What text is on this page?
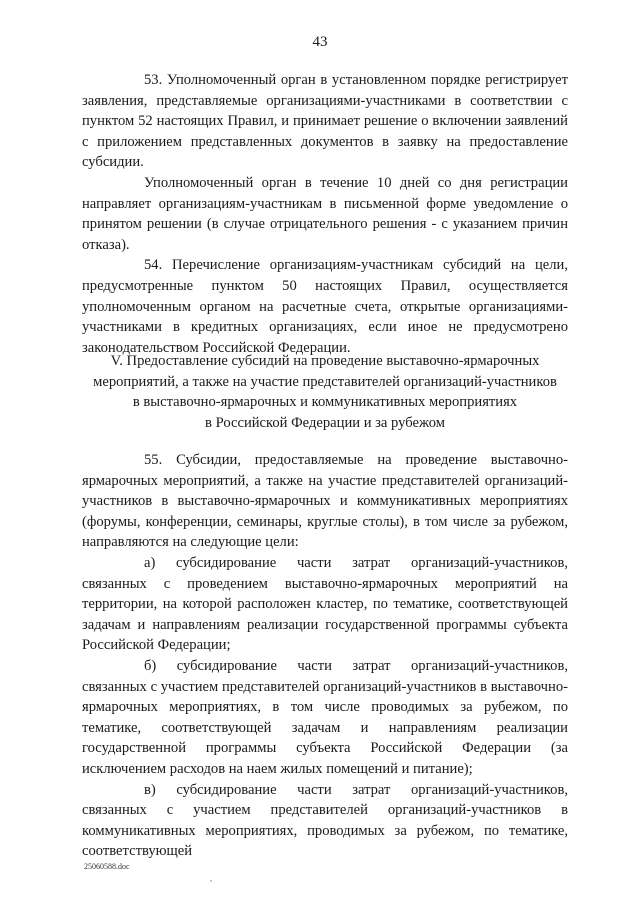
43

53. Уполномоченный орган в установленном порядке регистрирует заявления, представляемые организациями-участниками в соответствии с пунктом 52 настоящих Правил, и принимает решение о включении заявлений с приложением представленных документов в заявку на предоставление субсидии.

Уполномоченный орган в течение 10 дней со дня регистрации направляет организациям-участникам в письменной форме уведомление о принятом решении (в случае отрицательного решения - с указанием причин отказа).

54. Перечисление организациям-участникам субсидий на цели, предусмотренные пунктом 50 настоящих Правил, осуществляется уполномоченным органом на расчетные счета, открытые организациями-участниками в кредитных организациях, если иное не предусмотрено законодательством Российской Федерации.

V. Предоставление субсидий на проведение выставочно-ярмарочных
мероприятий, а также на участие представителей организаций-участников
в выставочно-ярмарочных и коммуникативных мероприятиях
в Российской Федерации и за рубежом

55. Субсидии, предоставляемые на проведение выставочно-ярмарочных мероприятий, а также на участие представителей организаций-участников в выставочно-ярмарочных и коммуникативных мероприятиях (форумы, конференции, семинары, круглые столы), в том числе за рубежом, направляются на следующие цели:

а) субсидирование части затрат организаций-участников, связанных с проведением выставочно-ярмарочных мероприятий на территории, на которой расположен кластер, по тематике, соответствующей задачам и направлениям реализации государственной программы субъекта Российской Федерации;

б) субсидирование части затрат организаций-участников, связанных с участием представителей организаций-участников в выставочно-ярмарочных мероприятиях, в том числе проводимых за рубежом, по тематике, соответствующей задачам и направлениям реализации государственной программы субъекта Российской Федерации (за исключением расходов на наем жилых помещений и питание);

в) субсидирование части затрат организаций-участников, связанных с участием представителей организаций-участников в коммуникативных мероприятиях, проводимых за рубежом, по тематике, соответствующей

25060588.doc
